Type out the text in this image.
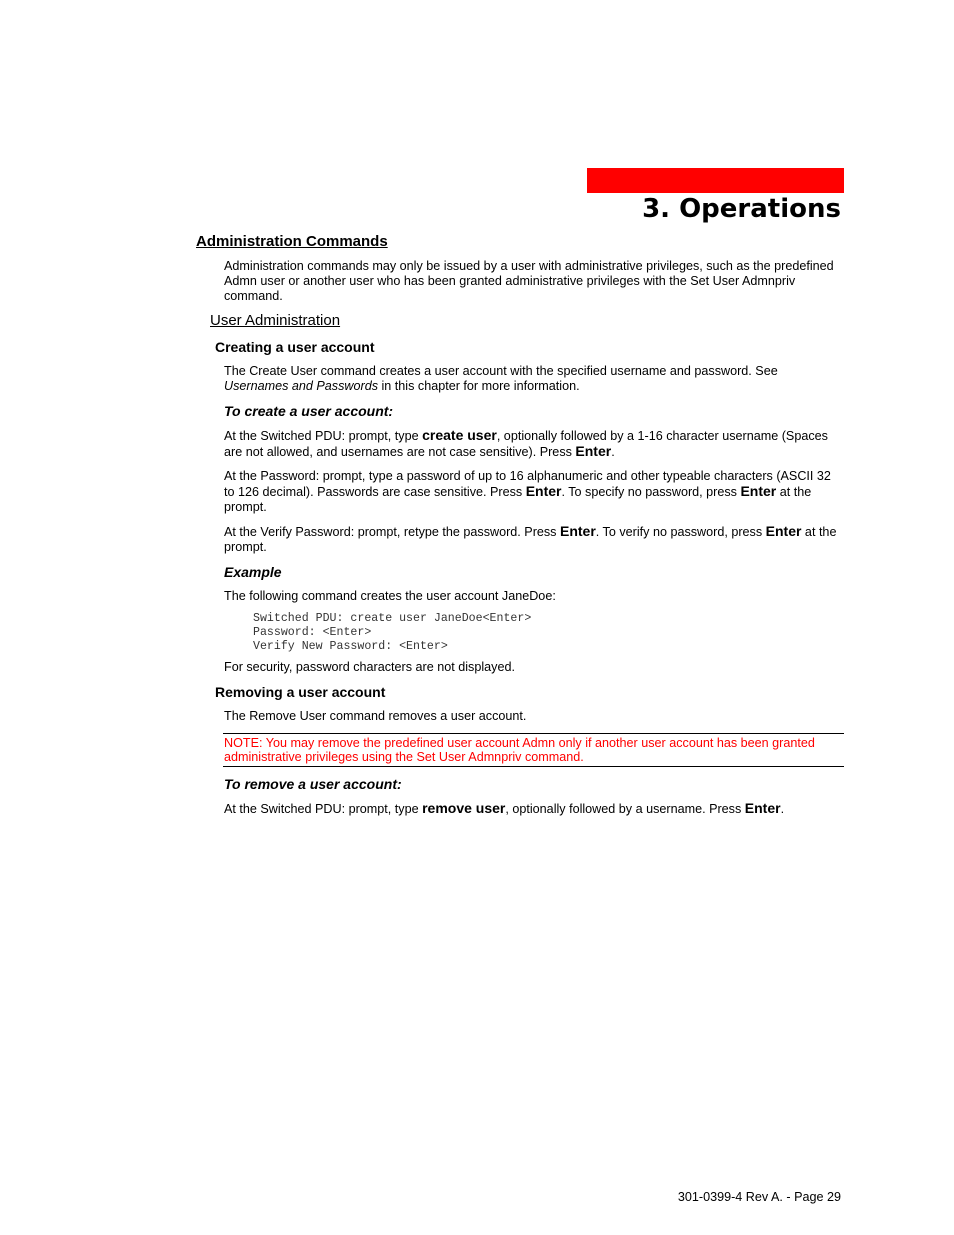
3. Operations
Administration Commands
Administration commands may only be issued by a user with administrative privileges, such as the predefined Admn user or another user who has been granted administrative privileges with the Set User Admnpriv command.
User Administration
Creating a user account
The Create User command creates a user account with the specified username and password. See Usernames and Passwords in this chapter for more information.
To create a user account:
At the Switched PDU: prompt, type create user, optionally followed by a 1-16 character username (Spaces are not allowed, and usernames are not case sensitive). Press Enter.
At the Password: prompt, type a password of up to 16 alphanumeric and other typeable characters (ASCII 32 to 126 decimal). Passwords are case sensitive. Press Enter. To specify no password, press Enter at the prompt.
At the Verify Password: prompt, retype the password. Press Enter. To verify no password, press Enter at the prompt.
Example
The following command creates the user account JaneDoe:
Switched PDU: create user JaneDoe<Enter>
Password: <Enter>
Verify New Password: <Enter>
For security, password characters are not displayed.
Removing a user account
The Remove User command removes a user account.
NOTE: You may remove the predefined user account Admn only if another user account has been granted administrative privileges using the Set User Admnpriv command.
To remove a user account:
At the Switched PDU: prompt, type remove user, optionally followed by a username. Press Enter.
301-0399-4 Rev A. - Page 29
